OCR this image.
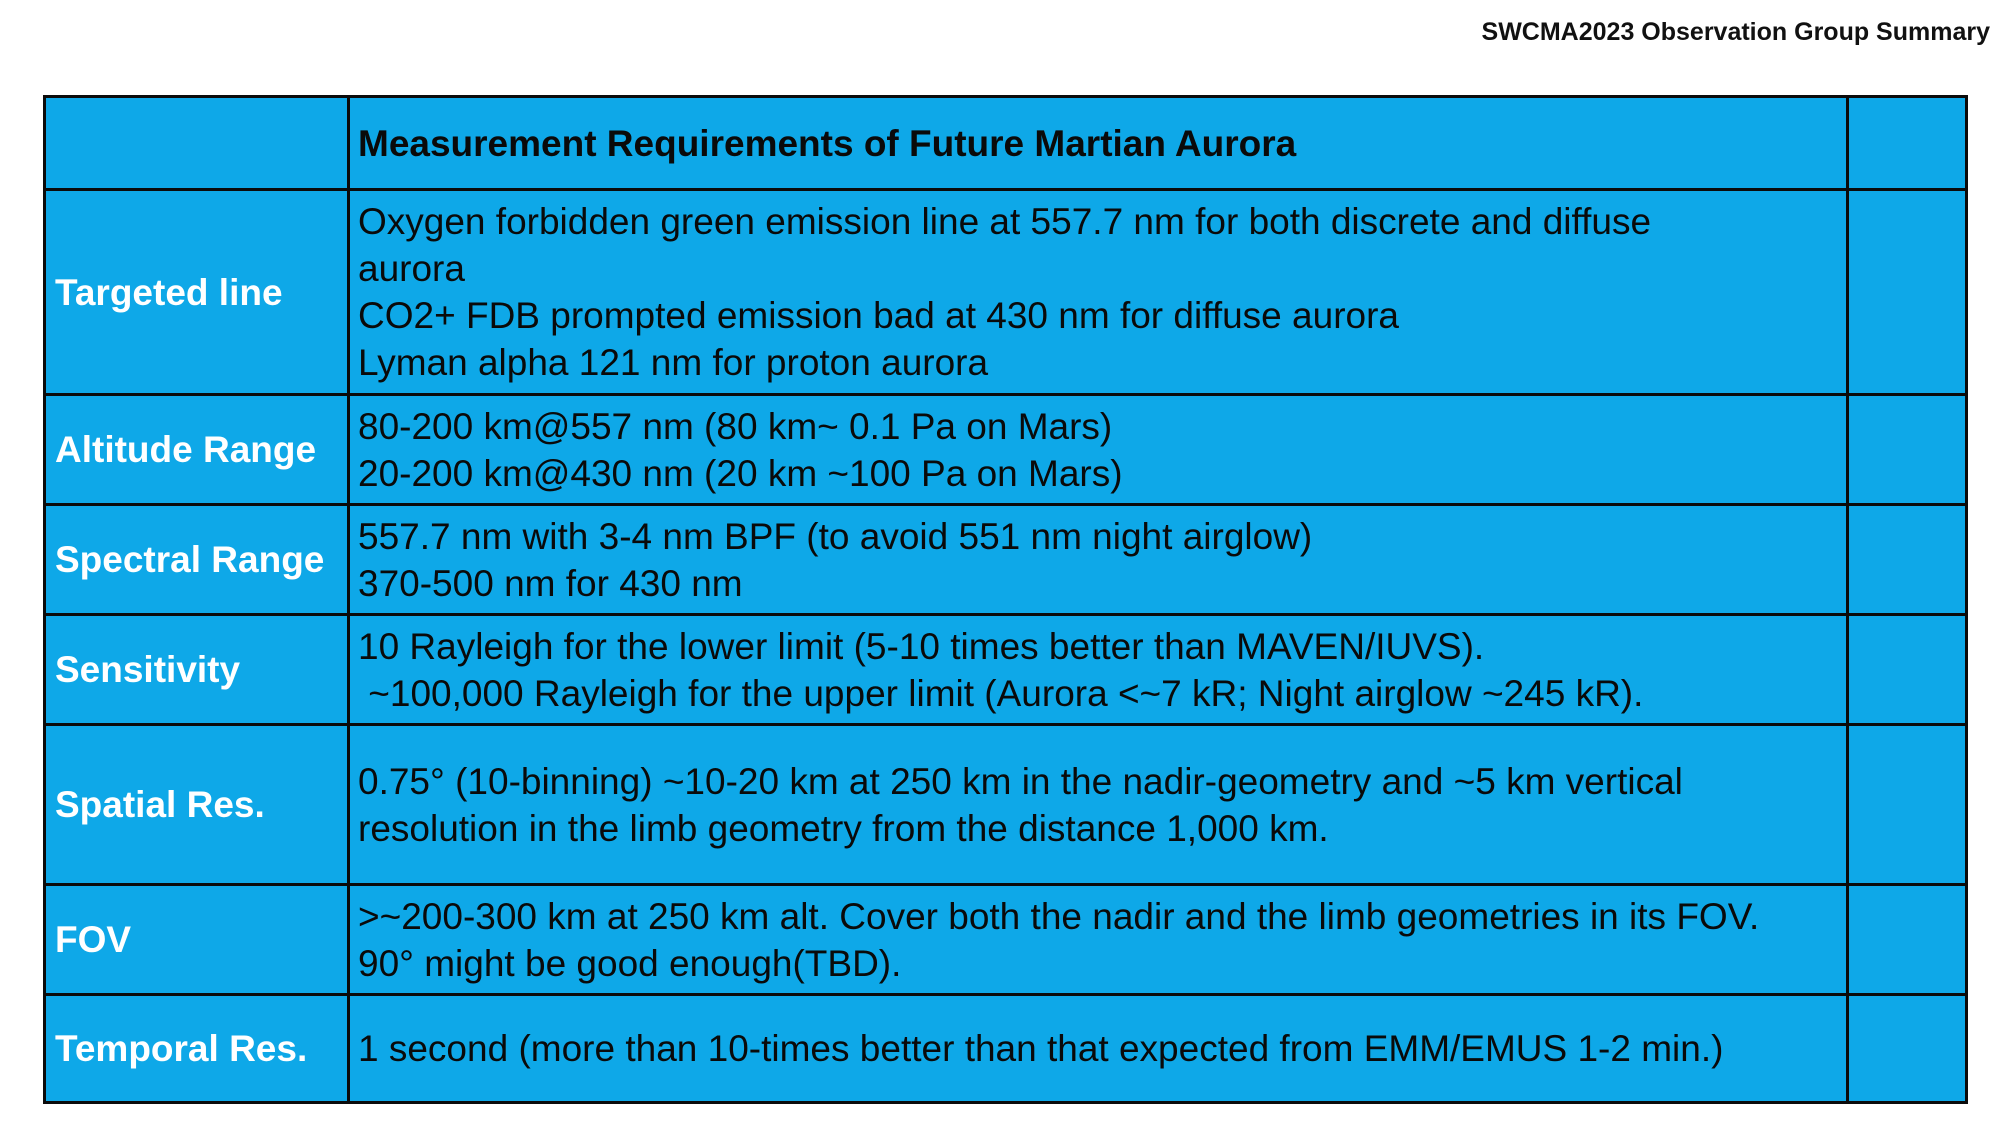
SWCMA2023 Observation Group Summary
	Measurement Requirements of Future Martian Aurora	
Targeted line	Oxygen forbidden green emission line at 557.7 nm for both discrete and diffuse
aurora
CO2+ FDB prompted emission bad at 430 nm for diffuse aurora
Lyman alpha 121 nm for proton aurora	

Altitude Range	80-200 km@557 nm (80 km~ 0.1 Pa on Mars)
20-200 km@430 nm (20 km ~100 Pa on Mars)	

Spectral Range	557.7 nm with 3-4 nm BPF (to avoid 551 nm night airglow)
370-500 nm for 430 nm	

Sensitivity	10 Rayleigh for the lower limit (5-10 times better than MAVEN/IUVS).
~100,000 Rayleigh for the upper limit (Aurora <~7 kR; Night airglow ~245 kR).	

Spatial Res.	0.75° (10-binning) ~10-20 km at 250 km in the nadir-geometry and ~5 km vertical
resolution in the limb geometry from the distance 1,000 km.	

FOV	>~200-300 km at 250 km alt. Cover both the nadir and the limb geometries in its FOV.
90° might be good enough(TBD).	

Temporal Res.	1 second (more than 10-times better than that expected from EMM/EMUS 1-2 min.)	
